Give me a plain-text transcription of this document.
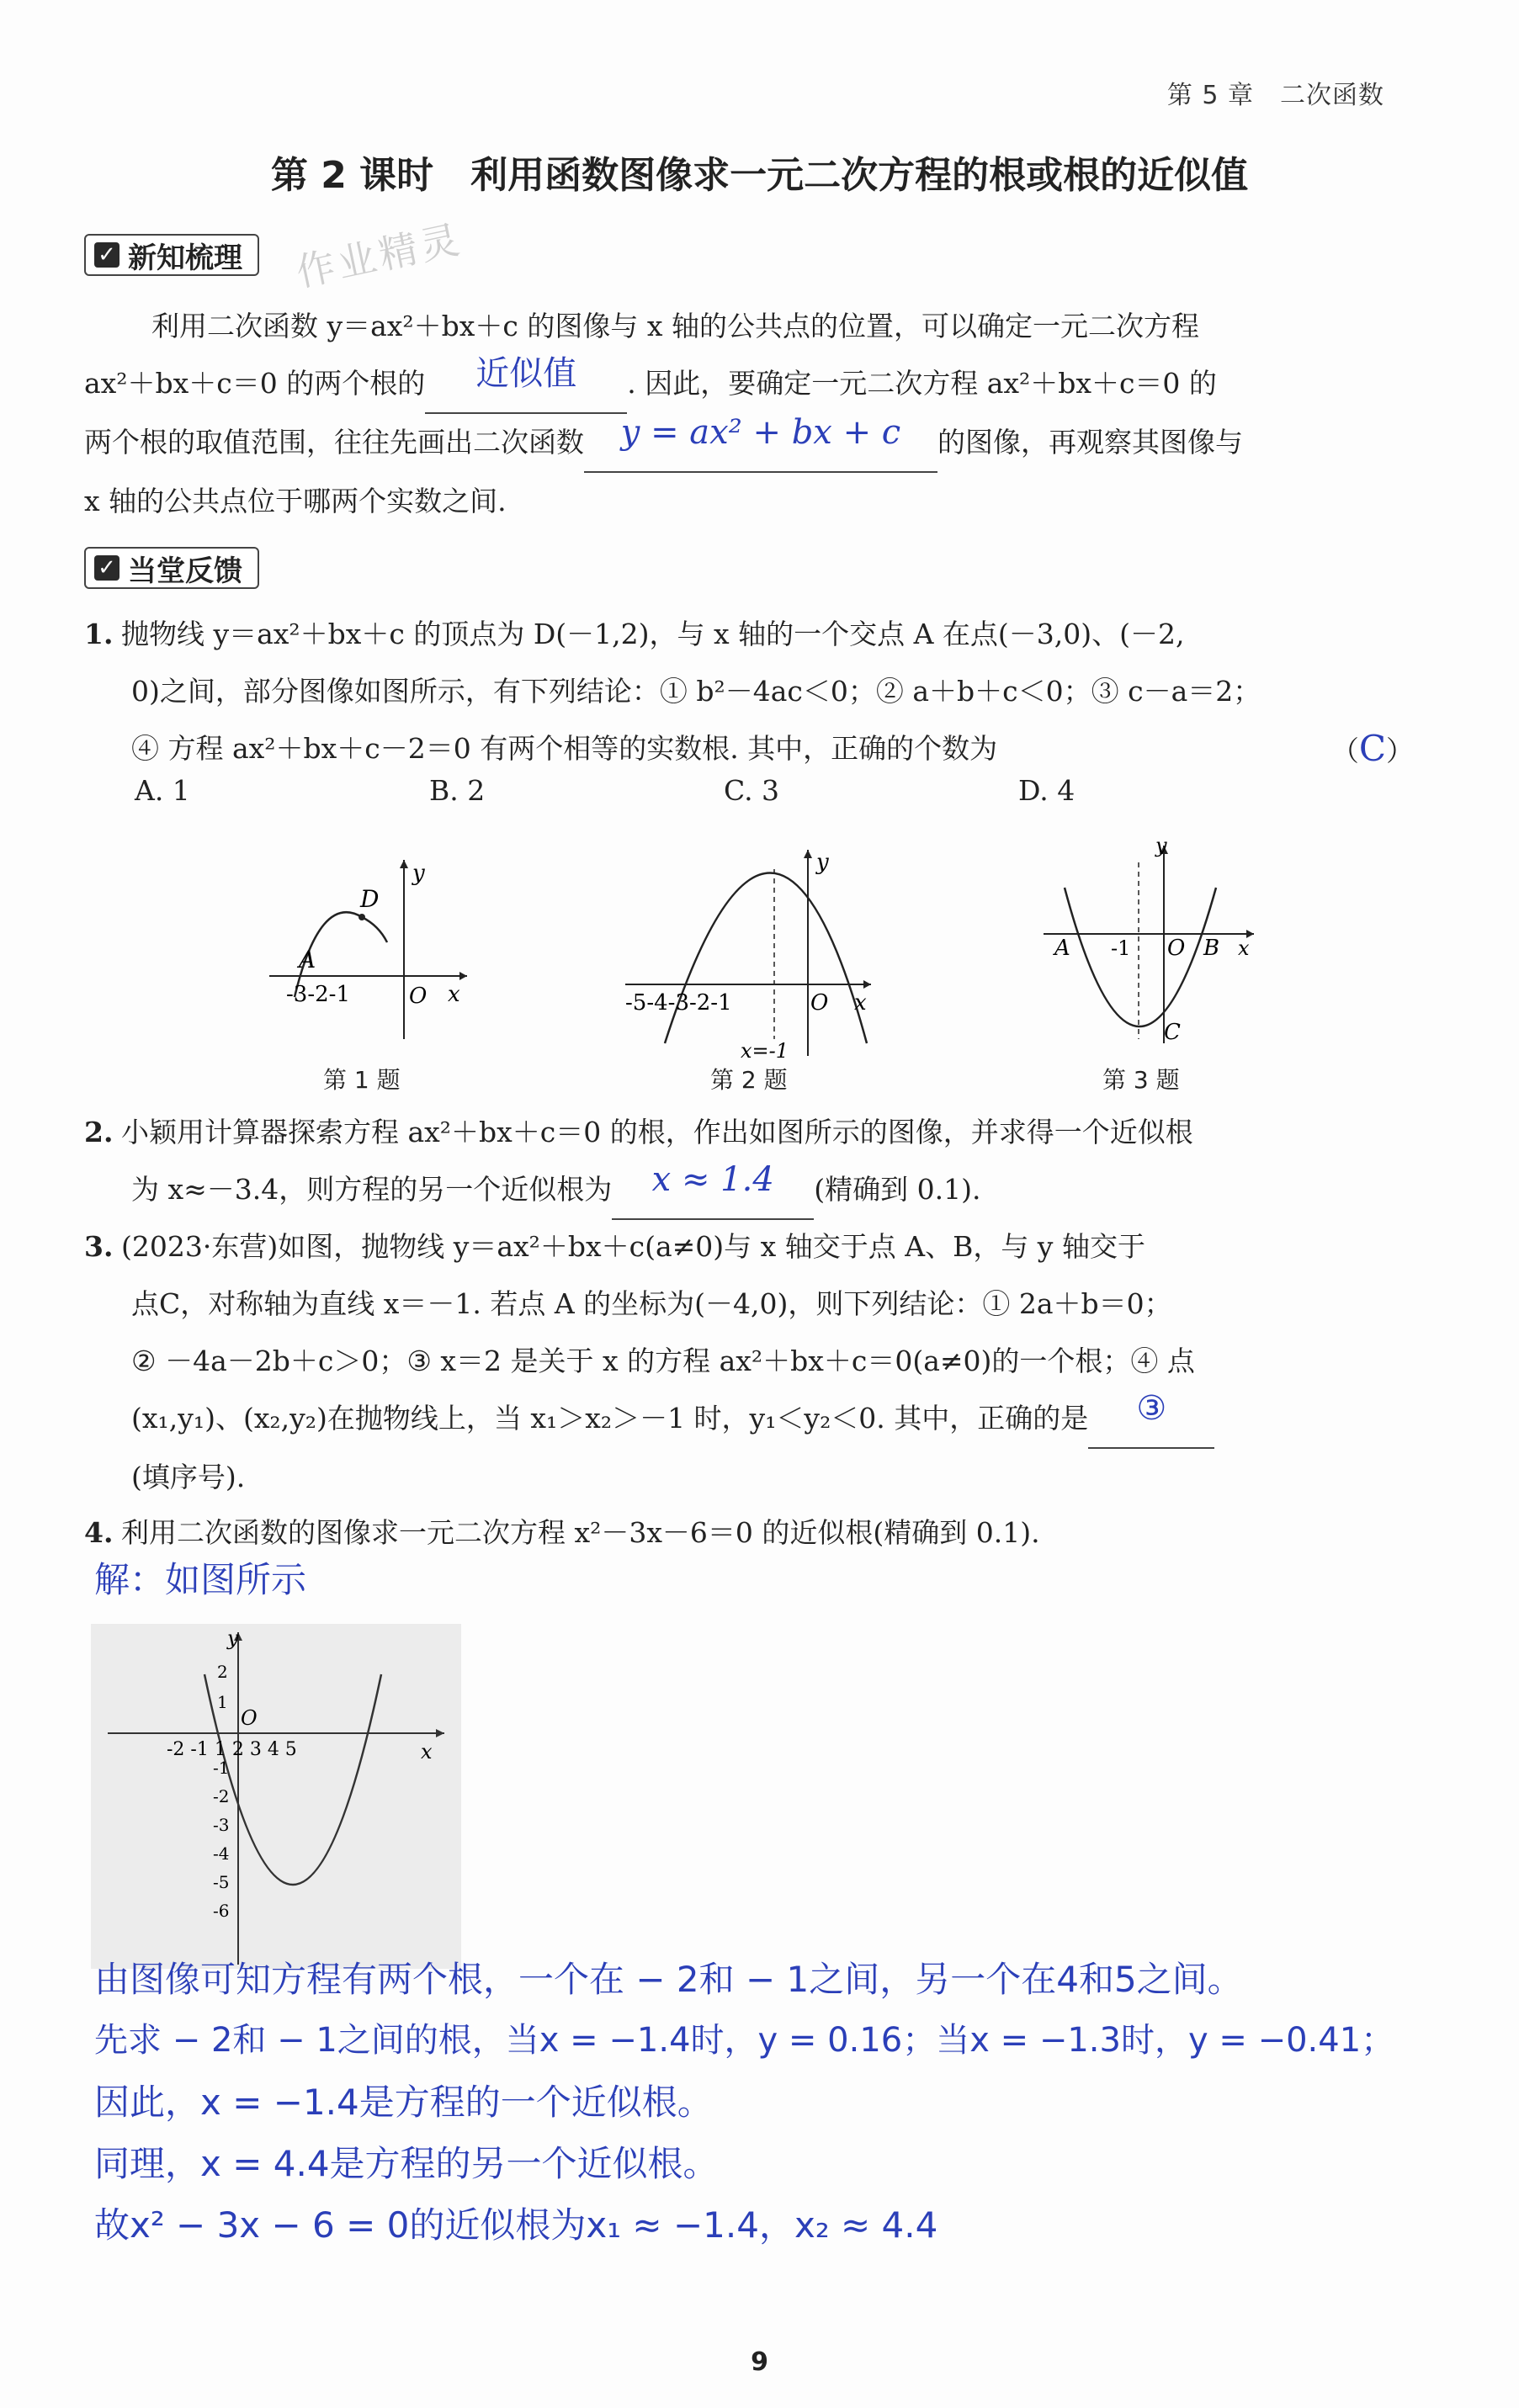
第 5 章　二次函数
第 2 课时　利用函数图像求一元二次方程的根或根的近似值
✓ 新知梳理 作业精灵
利用二次函数 y＝ax²＋bx＋c 的图像与 x 轴的公共点的位置，可以确定一元二次方程
ax²＋bx＋c＝0 的两个根的	近似值	. 因此，要确定一元二次方程 ax²＋bx＋c＝0 的
两个根的取值范围，往往先画出二次函数	y = ax² + bx + c	的图像，再观察其图像与
x 轴的公共点位于哪两个实数之间.
✓ 当堂反馈
1. 抛物线 y＝ax²＋bx＋c 的顶点为 D(－1,2)，与 x 轴的一个交点 A 在点(－3,0)、(－2,
0)之间，部分图像如图所示，有下列结论：① b²－4ac＜0；② a＋b＋c＜0；③ c－a＝2；
④ 方程 ax²＋bx＋c－2＝0 有两个相等的实数根. 其中，正确的个数为	（C）
A. 1	B. 2	C. 3	D. 4
D
A
y
x
O
-3-2-1
第 1 题
y
x
O
-5-4-3-2-1
x=-1
第 2 题
y
x
O
A	B
C
-1
第 3 题
2. 小颖用计算器探索方程 ax²＋bx＋c＝0 的根，作出如图所示的图像，并求得一个近似根
为 x≈－3.4，则方程的另一个近似根为	x ≈ 1.4	(精确到 0.1).
3. (2023·东营)如图，抛物线 y＝ax²＋bx＋c(a≠0)与 x 轴交于点 A、B，与 y 轴交于
点C，对称轴为直线 x＝－1. 若点 A 的坐标为(－4,0)，则下列结论：① 2a＋b＝0；
② －4a－2b＋c＞0；③ x＝2 是关于 x 的方程 ax²＋bx＋c＝0(a≠0)的一个根；④ 点
(x₁,y₁)、(x₂,y₂)在抛物线上，当 x₁＞x₂＞－1 时，y₁＜y₂＜0. 其中，正确的是	③

(填序号).
4. 利用二次函数的图像求一元二次方程 x²－3x－6＝0 的近似根(精确到 0.1).
解：如图所示
y
x
O
-2 -1 1 2 3 4 5
2
1
-1
-2
-3
-4
-5
-6
由图像可知方程有两个根，一个在 − 2和 − 1之间，另一个在4和5之间。
先求 − 2和 − 1之间的根，当x = −1.4时，y = 0.16；当x = −1.3时，y = −0.41；
因此，x = −1.4是方程的一个近似根。
同理，x = 4.4是方程的另一个近似根。
故x² − 3x − 6 = 0的近似根为x₁ ≈ −1.4，x₂ ≈ 4.4
9
